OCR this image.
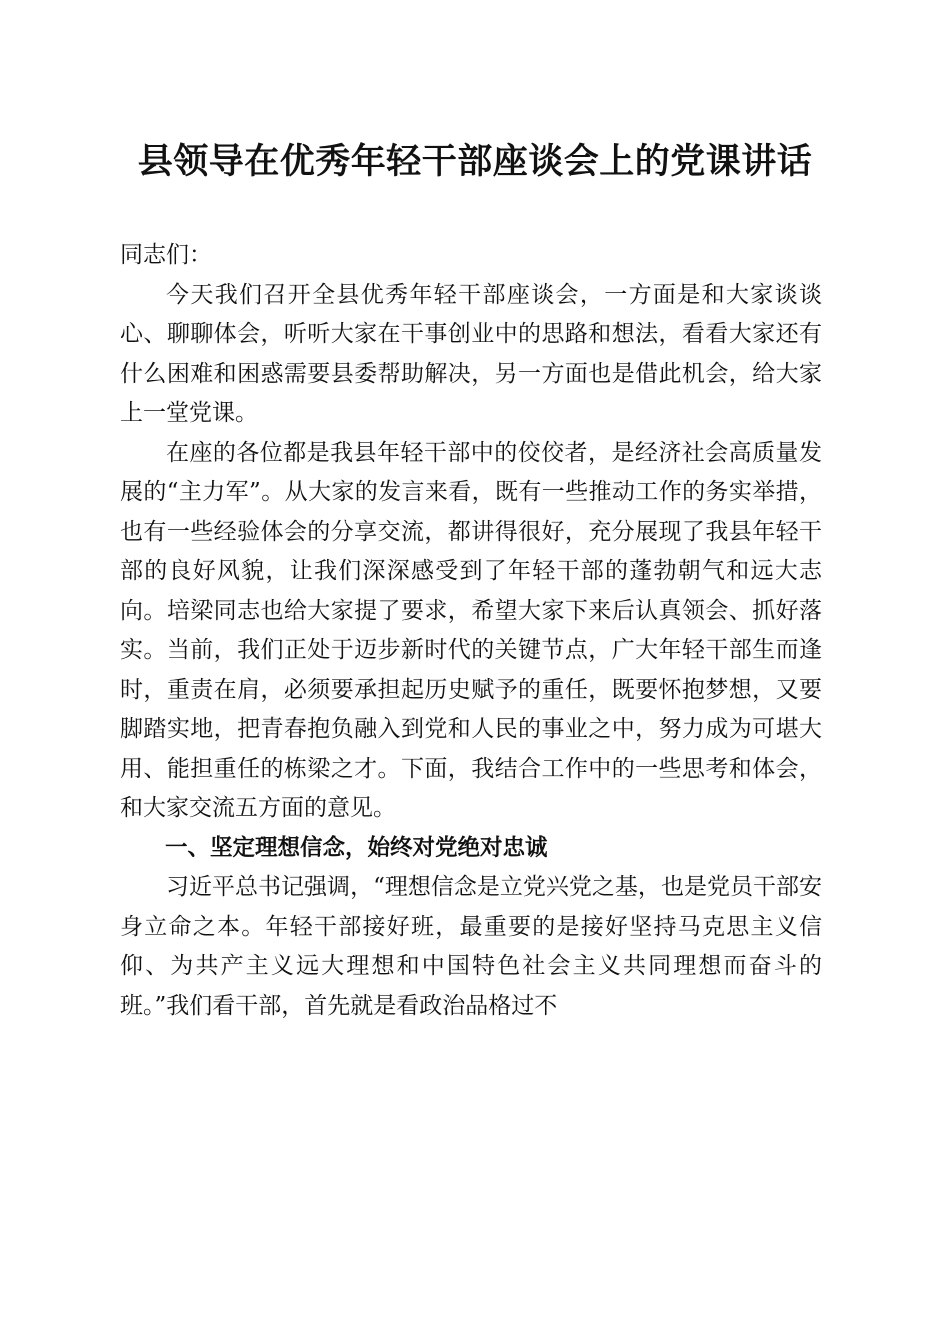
县领导在优秀年轻干部座谈会上的党课讲话

同志们：

今天我们召开全县优秀年轻干部座谈会，一方面是和大家谈谈心、聊聊体会，听听大家在干事创业中的思路和想法，看看大家还有什么困难和困惑需要县委帮助解决，另一方面也是借此机会，给大家上一堂党课。

在座的各位都是我县年轻干部中的佼佼者，是经济社会高质量发展的“主力军”。从大家的发言来看，既有一些推动工作的务实举措，也有一些经验体会的分享交流，都讲得很好，充分展现了我县年轻干部的良好风貌，让我们深深感受到了年轻干部的蓬勃朝气和远大志向。培梁同志也给大家提了要求，希望大家下来后认真领会、抓好落实。当前，我们正处于迈步新时代的关键节点，广大年轻干部生而逢时，重责在肩，必须要承担起历史赋予的重任，既要怀抱梦想，又要脚踏实地，把青春抱负融入到党和人民的事业之中，努力成为可堪大用、能担重任的栋梁之才。下面，我结合工作中的一些思考和体会，和大家交流五方面的意见。

一、坚定理想信念，始终对党绝对忠诚

习近平总书记强调，“理想信念是立党兴党之基，也是党员干部安身立命之本。年轻干部接好班，最重要的是接好坚持马克思主义信仰、为共产主义远大理想和中国特色社会主义共同理想而奋斗的班。”我们看干部，首先就是看政治品格过不
